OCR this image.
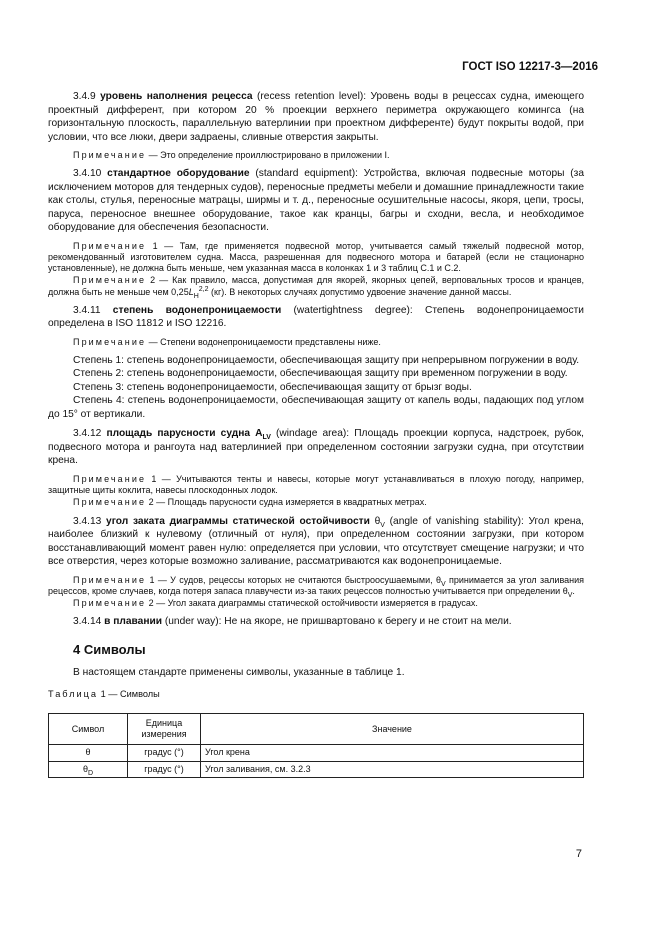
ГОСТ ISO 12217-3—2016

3.4.9 уровень наполнения рецесса (recess retention level): Уровень воды в рецессах судна, имеющего проектный дифферент, при котором 20 % проекции верхнего периметра окружающего комингса (на горизонтальную плоскость, параллельную ватерлинии при проектном дифференте) будут покрыты водой, при условии, что все люки, двери задраены, сливные отверстия закрыты.

Примечание — Это определение проиллюстрировано в приложении I.

3.4.10 стандартное оборудование (standard equipment): Устройства, включая подвесные моторы (за исключением моторов для тендерных судов), переносные предметы мебели и домашние принадлежности такие как столы, стулья, переносные матрацы, ширмы и т. д., переносные осушительные насосы, якоря, цепи, тросы, паруса, переносное внешнее оборудование, такое как кранцы, багры и сходни, весла, и необходимое оборудование для обеспечения безопасности.

Примечание 1 — Там, где применяется подвесной мотор, учитывается самый тяжелый подвесной мотор, рекомендованный изготовителем судна. Масса, разрешенная для подвесного мотора и батарей (если не стационарно установленные), не должна быть меньше, чем указанная масса в колонках 1 и 3 таблиц С.1 и С.2.

Примечание 2 — Как правило, масса, допустимая для якорей, якорных цепей, верповальных тросов и кранцев, должна быть не меньше чем $0,25L_H^{2,2}$ (кг). В некоторых случаях допустимо удвоение значение данной массы.

3.4.11 степень водонепроницаемости (watertightness degree): Степень водонепроницаемости определена в ISO 11812 и ISO 12216.

Примечание — Степени водонепроницаемости представлены ниже.

Степень 1: степень водонепроницаемости, обеспечивающая защиту при непрерывном погружении в воду.

Степень 2: степень водонепроницаемости, обеспечивающая защиту при временном погружении в воду.

Степень 3: степень водонепроницаемости, обеспечивающая защиту от брызг воды.

Степень 4: степень водонепроницаемости, обеспечивающая защиту от капель воды, падающих под углом до 15° от вертикали.

3.4.12 площадь парусности судна $A_{LV}$ (windage area): Площадь проекции корпуса, надстроек, рубок, подвесного мотора и рангоута над ватерлинией при определенном состоянии загрузки судна, при отсутствии крена.

Примечание 1 — Учитываются тенты и навесы, которые могут устанавливаться в плохую погоду, например, защитные щиты коклита, навесы плоскодонных лодок.

Примечание 2 — Площадь парусности судна измеряется в квадратных метрах.

3.4.13 угол заката диаграммы статической остойчивости $\theta_V$ (angle of vanishing stability): Угол крена, наиболее близкий к нулевому (отличный от нуля), при определенном состоянии загрузки, при котором восстанавливающий момент равен нулю: определяется при условии, что отсутствует смещение нагрузки; и что все отверстия, через которые возможно заливание, рассматриваются как водонепроницаемые.

Примечание 1 — У судов, рецессы которых не считаются быстроосушаемыми, $\theta_V$ принимается за угол заливания рецессов, кроме случаев, когда потеря запаса плавучести из-за таких рецессов полностью учитывается при определении $\theta_V$.

Примечание 2 — Угол заката диаграммы статической остойчивости измеряется в градусах.

3.4.14 в плавании (under way): Не на якоре, не пришвартовано к берегу и не стоит на мели.

4 Символы

В настоящем стандарте применены символы, указанные в таблице 1.

Таблица 1 — Символы
Символ	Единица измерения	Значение
θ	градус (°)	Угол крена
$\theta_D$	градус (°)	Угол заливания, см. 3.2.3
7
